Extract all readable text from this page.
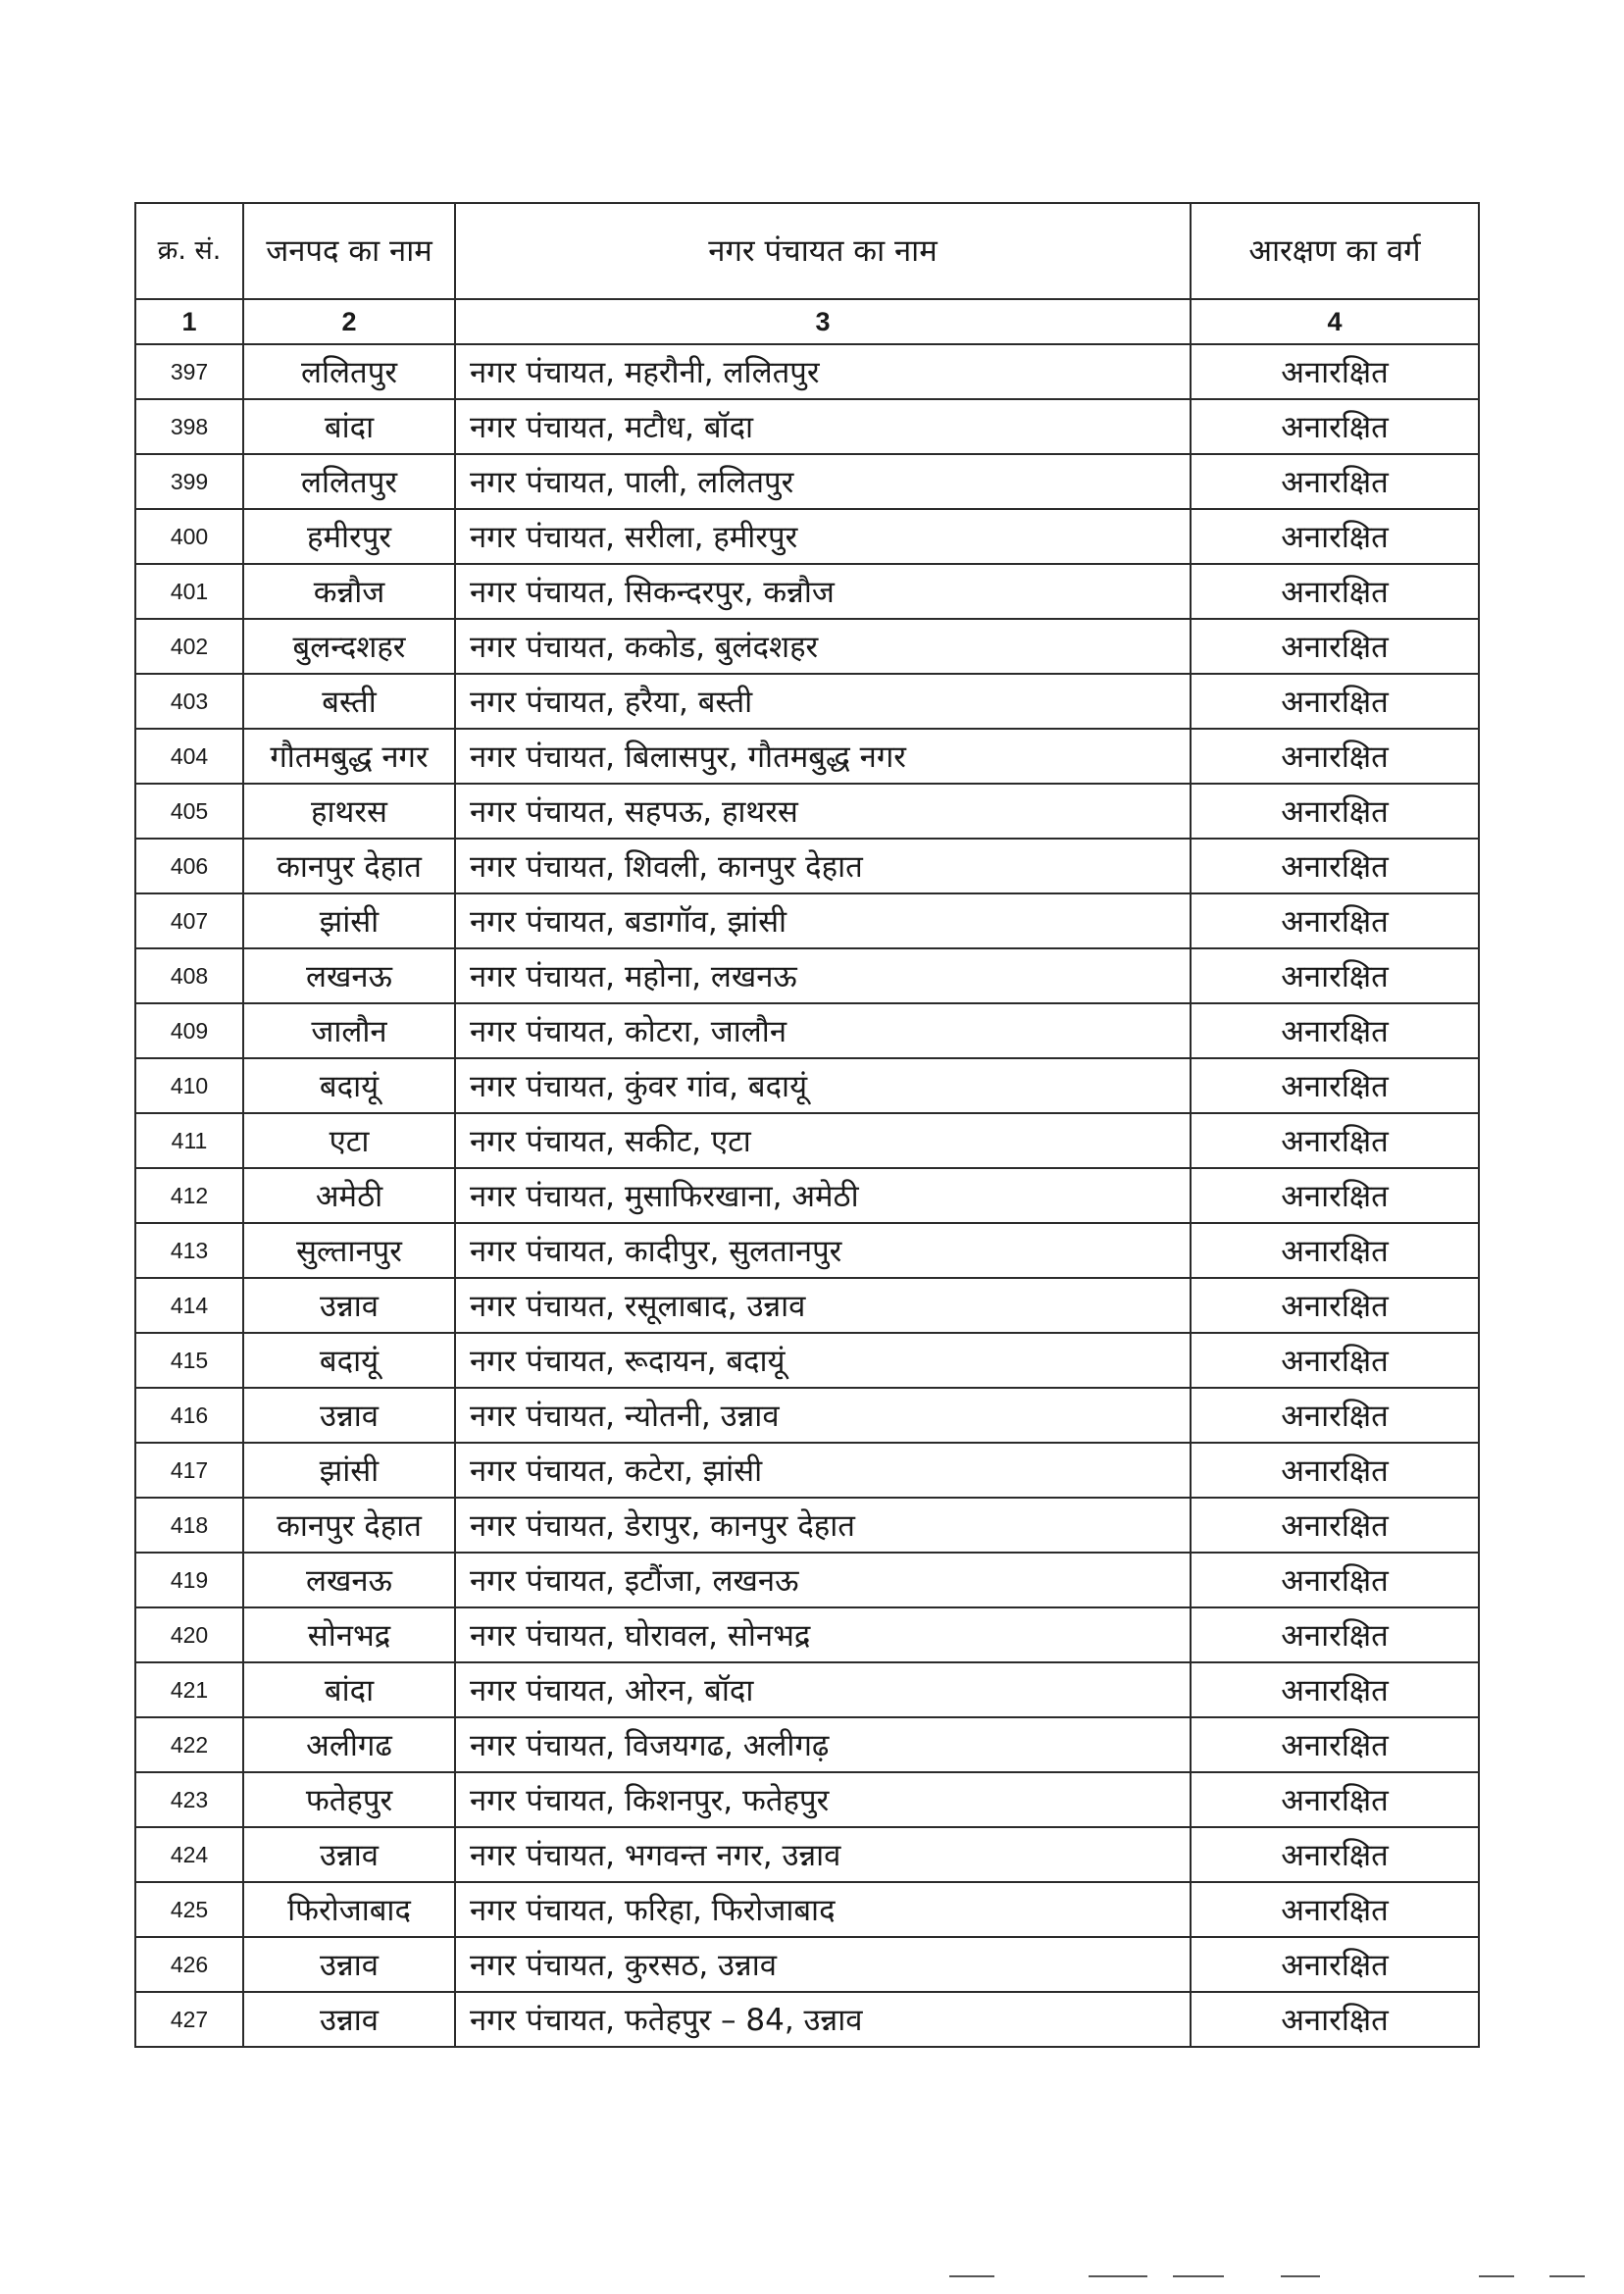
क्र. सं.	जनपद का नाम	नगर पंचायत का नाम	आरक्षण का वर्ग
1	2	3	4
397	ललितपुर	नगर पंचायत, महरौनी, ललितपुर	अनारक्षित
398	बांदा	नगर पंचायत, मटौध, बॉदा	अनारक्षित
399	ललितपुर	नगर पंचायत, पाली, ललितपुर	अनारक्षित
400	हमीरपुर	नगर पंचायत, सरीला, हमीरपुर	अनारक्षित
401	कन्नौज	नगर पंचायत, सिकन्दरपुर, कन्नौज	अनारक्षित
402	बुलन्दशहर	नगर पंचायत, ककोड, बुलंदशहर	अनारक्षित
403	बस्ती	नगर पंचायत, हरैया, बस्ती	अनारक्षित
404	गौतमबुद्ध नगर	नगर पंचायत, बिलासपुर, गौतमबुद्ध नगर	अनारक्षित
405	हाथरस	नगर पंचायत, सहपऊ, हाथरस	अनारक्षित
406	कानपुर देहात	नगर पंचायत, शिवली, कानपुर देहात	अनारक्षित
407	झांसी	नगर पंचायत, बडागॉव, झांसी	अनारक्षित
408	लखनऊ	नगर पंचायत, महोना, लखनऊ	अनारक्षित
409	जालौन	नगर पंचायत, कोटरा, जालौन	अनारक्षित
410	बदायूं	नगर पंचायत, कुंवर गांव, बदायूं	अनारक्षित
411	एटा	नगर पंचायत, सकीट, एटा	अनारक्षित
412	अमेठी	नगर पंचायत, मुसाफिरखाना, अमेठी	अनारक्षित
413	सुल्तानपुर	नगर पंचायत, कादीपुर, सुलतानपुर	अनारक्षित
414	उन्नाव	नगर पंचायत, रसूलाबाद, उन्नाव	अनारक्षित
415	बदायूं	नगर पंचायत, रूदायन, बदायूं	अनारक्षित
416	उन्नाव	नगर पंचायत, न्योतनी, उन्नाव	अनारक्षित
417	झांसी	नगर पंचायत, कटेरा, झांसी	अनारक्षित
418	कानपुर देहात	नगर पंचायत, डेरापुर, कानपुर देहात	अनारक्षित
419	लखनऊ	नगर पंचायत, इटौंजा, लखनऊ	अनारक्षित
420	सोनभद्र	नगर पंचायत, घोरावल, सोनभद्र	अनारक्षित
421	बांदा	नगर पंचायत, ओरन, बॉदा	अनारक्षित
422	अलीगढ	नगर पंचायत, विजयगढ, अलीगढ़	अनारक्षित
423	फतेहपुर	नगर पंचायत, किशनपुर, फतेहपुर	अनारक्षित
424	उन्नाव	नगर पंचायत, भगवन्त नगर, उन्नाव	अनारक्षित
425	फिरोजाबाद	नगर पंचायत, फरिहा, फिरोजाबाद	अनारक्षित
426	उन्नाव	नगर पंचायत, कुरसठ, उन्नाव	अनारक्षित
427	उन्नाव	नगर पंचायत, फतेहपुर – 84, उन्नाव	अनारक्षित
